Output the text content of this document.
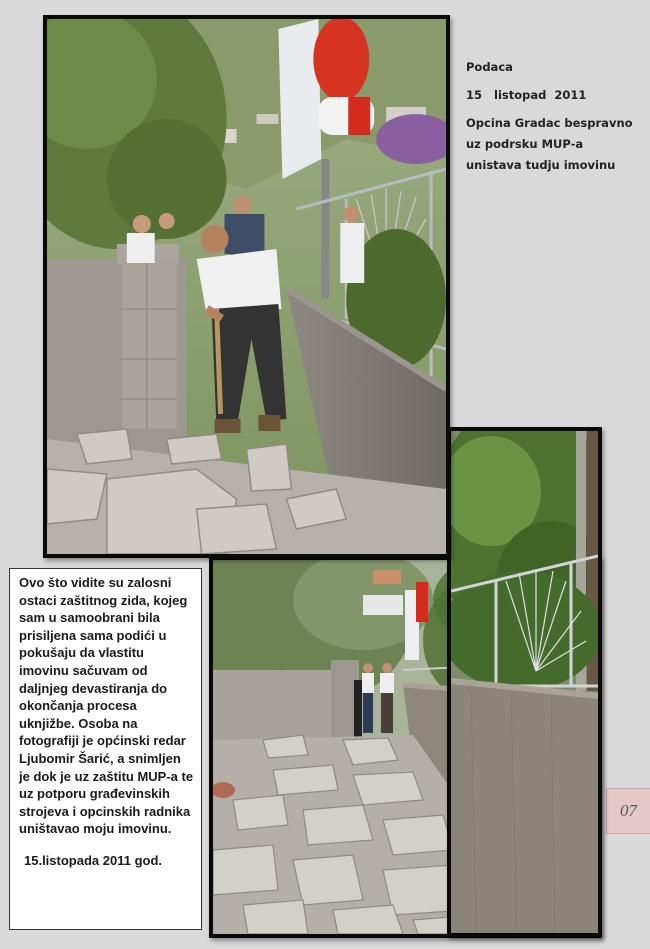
Podaca

15   listopad  2011

Opcina Gradac bespravno uz podrsku MUP-a unistava tudju imovinu

Ovo što vidite su zalosni ostaci zaštitnog zida, kojeg sam u samoobrani bila prisiljena sama podići u pokušaju da vlastitu imovinu sačuvam od daljnjeg devastiranja do okončanja procesa uknjižbe. Osoba na fotografiji je općinski redar Ljubomir Šarić, a snimljen je dok je uz zaštitu MUP-a te uz potporu građevinskih strojeva i opcinskih radnika uništavao moju imovinu.

15.listopada 2011 god.

07
